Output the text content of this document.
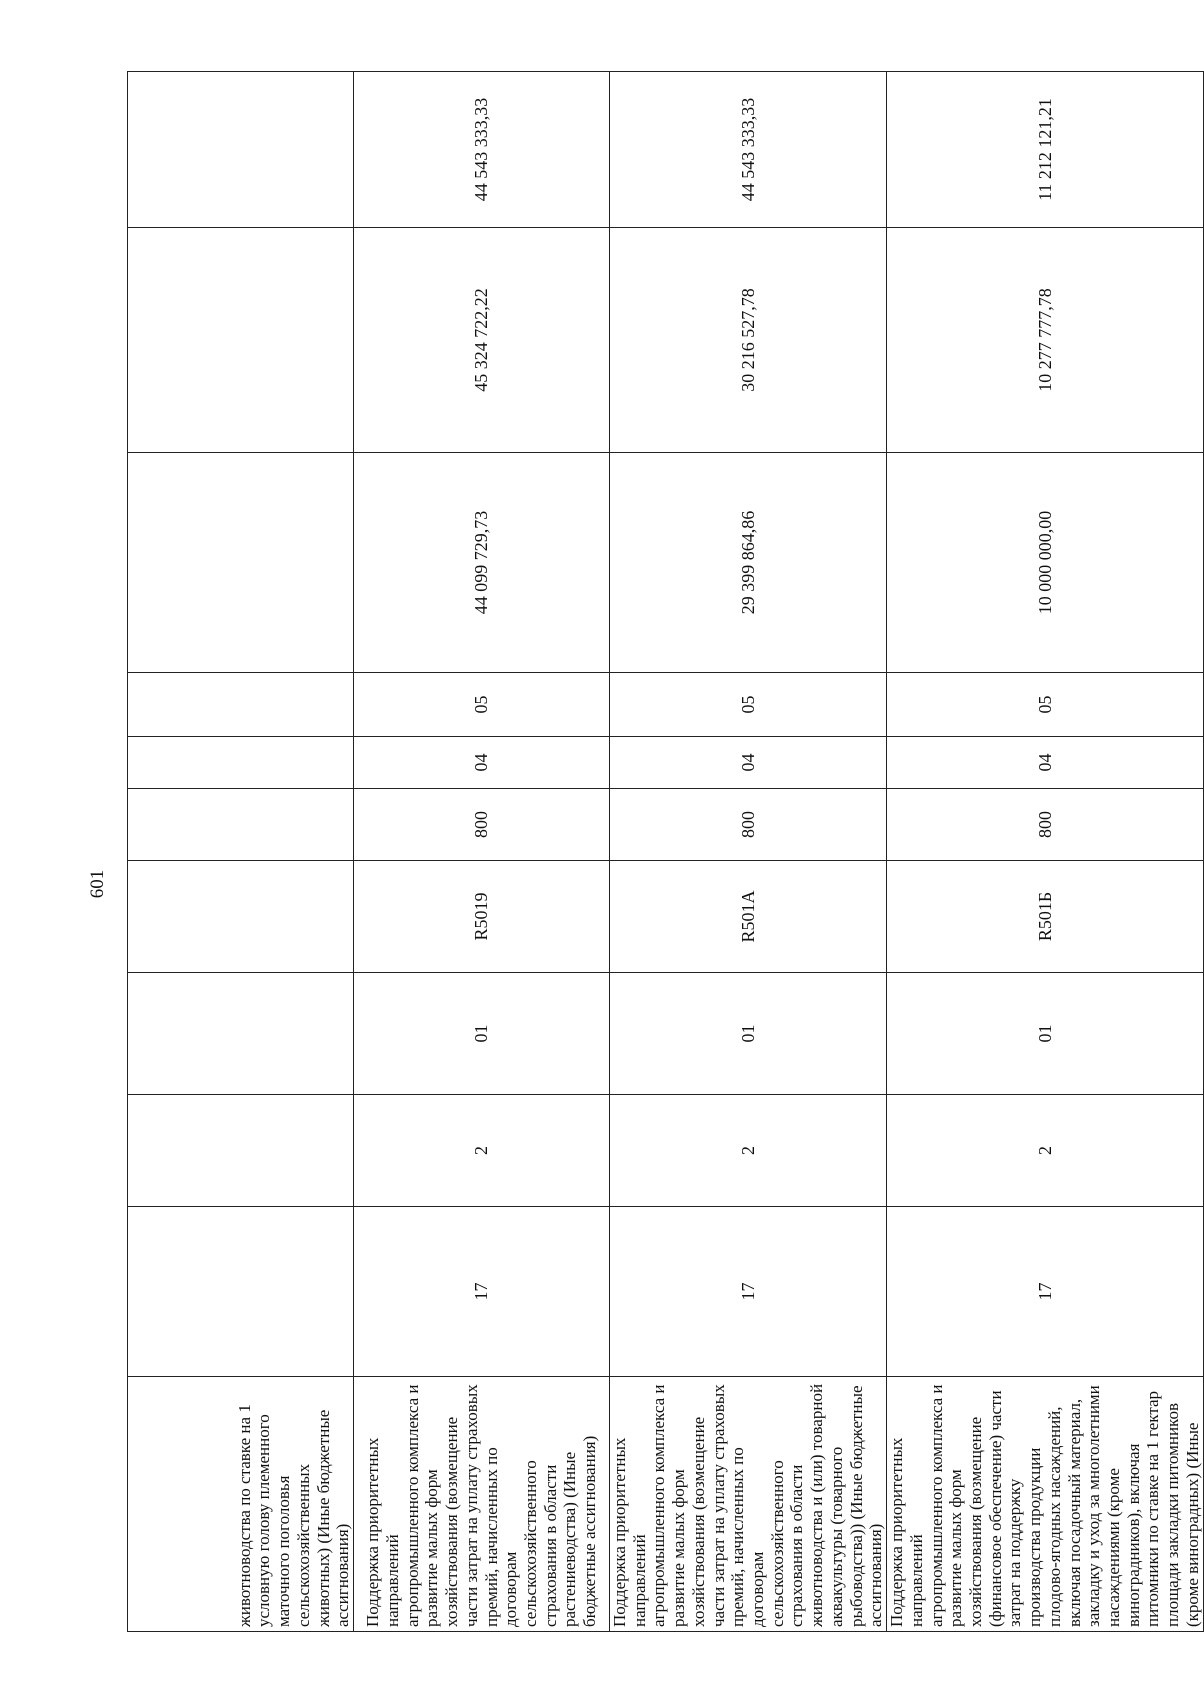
601
животноводства по ставке на 1 условную голову племенного маточного поголовья сельскохозяйственных животных) (Иные бюджетные ассигнования)										
Поддержка приоритетных направлений агропромышленного комплекса и развитие малых форм хозяйствования (возмещение части затрат на уплату страховых премий, начисленных по договорам сельскохозяйственного страхования в области растениеводства) (Иные бюджетные ассигнования)	17	2	01	R5019	800	04	05	44 099 729,73	45 324 722,22	44 543 333,33
Поддержка приоритетных направлений агропромышленного комплекса и развитие малых форм хозяйствования (возмещение части затрат на уплату страховых премий, начисленных по договорам сельскохозяйственного страхования в области животноводства и (или) товарной аквакультуры (товарного рыбоводства)) (Иные бюджетные ассигнования)	17	2	01	R501А	800	04	05	29 399 864,86	30 216 527,78	44 543 333,33
Поддержка приоритетных направлений агропромышленного комплекса и развитие малых форм хозяйствования (возмещение (финансовое обеспечение) части затрат на поддержку производства продукции плодово-ягодных насаждений, включая посадочный материал, закладку и уход за многолетними насаждениями (кроме виноградников), включая питомники по ставке на 1 гектар площади закладки питомников (кроме виноградных) (Иные	17	2	01	R501Б	800	04	05	10 000 000,00	10 277 777,78	11 212 121,21
